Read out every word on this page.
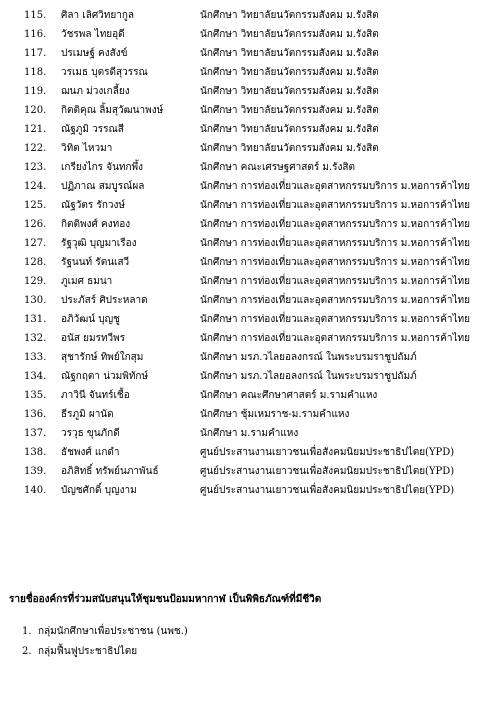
115. ศิลา เลิศวิทยากูล	นักศึกษา วิทยาลัยนวัตกรรมสังคม ม.รังสิต
116. วัชรพล ไทยอุดี	นักศึกษา วิทยาลัยนวัตกรรมสังคม ม.รังสิต
117. ปรเมษฐ์ คงสังข์	นักศึกษา วิทยาลัยนวัตกรรมสังคม ม.รังสิต
118. วรเมธ บุตรดีสุวรรณ	นักศึกษา วิทยาลัยนวัตกรรมสังคม ม.รังสิต
119. ฌนภ ม่วงเกลี้ยง	นักศึกษา วิทยาลัยนวัตกรรมสังคม ม.รังสิต
120. กิตติคุณ ลิ้มสุวัฒนาพงษ์	นักศึกษา วิทยาลัยนวัตกรรมสังคม ม.รังสิต
121. ณัฐภูมิ วรรณสี	นักศึกษา วิทยาลัยนวัตกรรมสังคม ม.รังสิต
122. วิทิต ไหวมา	นักศึกษา วิทยาลัยนวัตกรรมสังคม ม.รังสิต
123. เกรียงไกร จันทกพึ้ง	นักศึกษา คณะเศรษฐศาสตร์ ม.รังสิต
124. ปฏิภาณ สมบูรณ์ผล	นักศึกษา การท่องเที่ยวและอุตสาหกรรมบริการ ม.หอการค้าไทย
125. ณัฐวัตร รักวงษ์	นักศึกษา การท่องเที่ยวและอุตสาหกรรมบริการ ม.หอการค้าไทย
126. กิตติพงศ์ คงทอง	นักศึกษา การท่องเที่ยวและอุตสาหกรรมบริการ ม.หอการค้าไทย
127. รัฐวุฒิ บุญมาเรือง	นักศึกษา การท่องเที่ยวและอุตสาหกรรมบริการ ม.หอการค้าไทย
128. รัฐนนท์ รัตนเสวี	นักศึกษา การท่องเที่ยวและอุตสาหกรรมบริการ ม.หอการค้าไทย
129. ภูเมศ ธมนา	นักศึกษา การท่องเที่ยวและอุตสาหกรรมบริการ ม.หอการค้าไทย
130. ประภัสร์ ศิประหลาด	นักศึกษา การท่องเที่ยวและอุตสาหกรรมบริการ ม.หอการค้าไทย
131. อภิวัฒน์ บุญชู	นักศึกษา การท่องเที่ยวและอุตสาหกรรมบริการ ม.หอการค้าไทย
132. อนัส ยมรทวีพร	นักศึกษา การท่องเที่ยวและอุตสาหกรรมบริการ ม.หอการค้าไทย
133. สุชารักษ์ ทิพย์ใกสุม	นักศึกษา มรภ.วไลยอลงกรณ์ ในพระบรมราชูปถัมภ์
134. ณัฐกฤตา น่วมพิทักษ์	นักศึกษา มรภ.วไลยอลงกรณ์ ในพระบรมราชูปถัมภ์
135. ภาวินี จันทร์เชื้อ	นักศึกษา คณะศึกษาศาสตร์ ม.รามคำแหง
136. ธีรภูมิ ผานัด	นักศึกษา ชุ้มเหมราช-ม.รามคำแหง
137. วรวุธ ขุนภักดี	นักศึกษา ม.รามคำแหง
138. ธัชพงศ์ แกดำ	ศูนย์ประสานงานเยาวชนเพื่อสังคมนิยมประชาธิปไตย(YPD)
139. อภิสิทธิ์ ทรัพย์นภาพันธ์	ศูนย์ประสานงานเยาวชนเพื่อสังคมนิยมประชาธิปไตย(YPD)
140. บัญชศักดิ์ บุญงาม	ศูนย์ประสานงานเยาวชนเพื่อสังคมนิยมประชาธิปไตย(YPD)
รายชื่อองค์กรที่ร่วมสนับสนุนให้ชุมชนป้อมมหากาฬ เป็นพิพิธภัณฑ์ที่มีชีวิต
1. กลุ่มนักศึกษาเพื่อประชาชน (นพช.)
2. กลุ่มฟื้นฟูประชาธิปไตย
